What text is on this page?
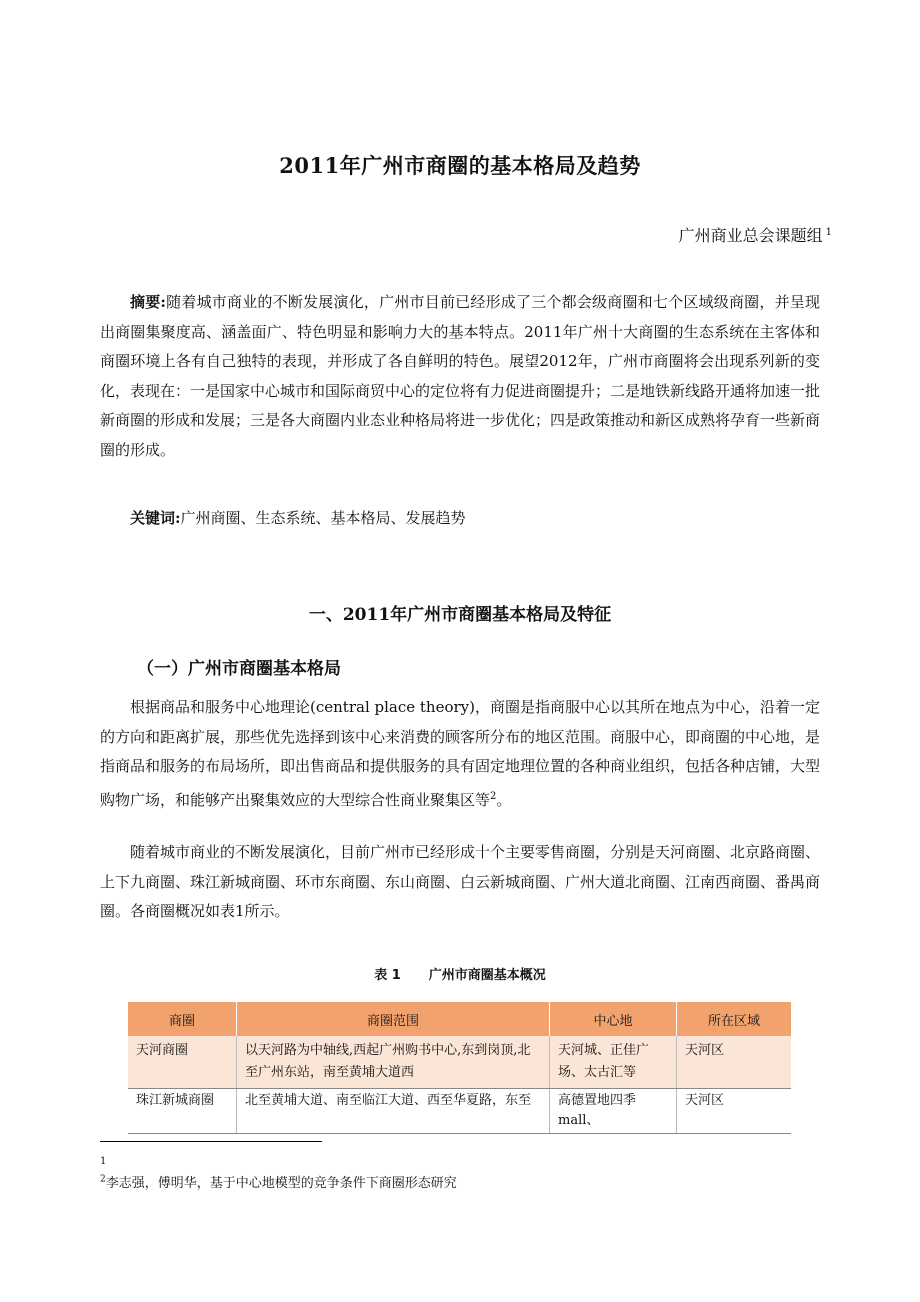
2011年广州市商圈的基本格局及趋势
广州商业总会课题组 $^1$
摘要:随着城市商业的不断发展演化，广州市目前已经形成了三个都会级商圈和七个区域级商圈，并呈现出商圈集聚度高、涵盖面广、特色明显和影响力大的基本特点。2011年广州十大商圈的生态系统在主客体和商圈环境上各有自己独特的表现，并形成了各自鲜明的特色。展望2012年，广州市商圈将会出现系列新的变化，表现在：一是国家中心城市和国际商贸中心的定位将有力促进商圈提升；二是地铁新线路开通将加速一批新商圈的形成和发展；三是各大商圈内业态业种格局将进一步优化；四是政策推动和新区成熟将孕育一些新商圈的形成。
关键词:广州商圈、生态系统、基本格局、发展趋势
一、2011年广州市商圈基本格局及特征
（一）广州市商圈基本格局
根据商品和服务中心地理论(central place theory)，商圈是指商服中心以其所在地点为中心，沿着一定的方向和距离扩展，那些优先选择到该中心来消费的顾客所分布的地区范围。商服中心，即商圈的中心地，是指商品和服务的布局场所，即出售商品和提供服务的具有固定地理位置的各种商业组织，包括各种店铺，大型购物广场，和能够产出聚集效应的大型综合性商业聚集区等$^2$。
随着城市商业的不断发展演化，目前广州市已经形成十个主要零售商圈，分别是天河商圈、北京路商圈、上下九商圈、珠江新城商圈、环市东商圈、东山商圈、白云新城商圈、广州大道北商圈、江南西商圈、番禺商圈。各商圈概况如表1所示。
表 1 广州市商圈基本概况
商圈	商圈范围	中心地	所在区域
天河商圈	以天河路为中轴线,西起广州购书中心,东到岗顶,北至广州东站，南至黄埔大道西	天河城、正佳广场、太古汇等	天河区
珠江新城商圈	北至黄埔大道、南至临江大道、西至华夏路，东至	高德置地四季 mall、	天河区
1
$^2$李志强，傅明华，基于中心地模型的竞争条件下商圈形态研究
